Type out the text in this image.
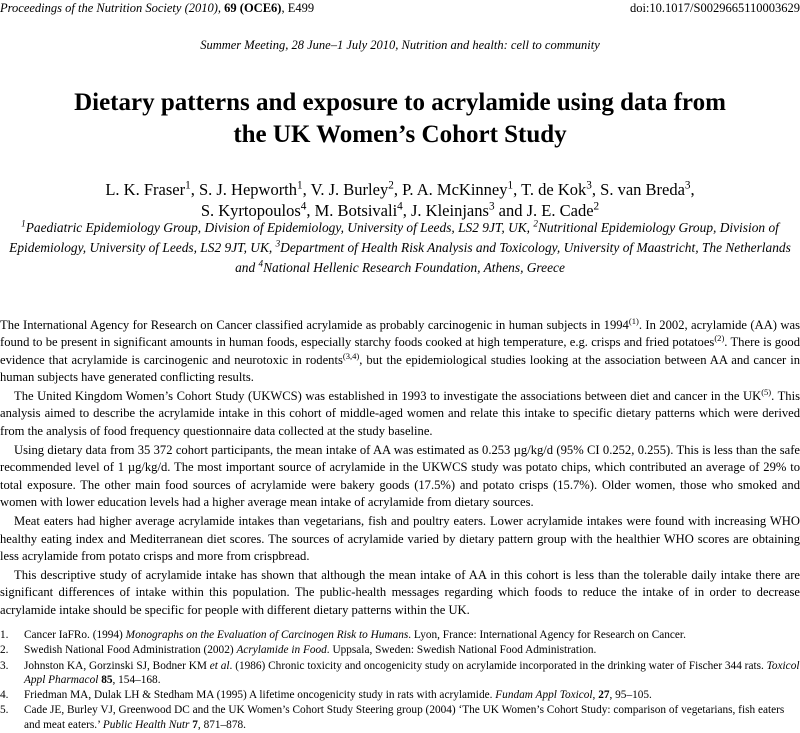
Proceedings of the Nutrition Society (2010), 69 (OCE6), E499	doi:10.1017/S0029665110003629
Summer Meeting, 28 June–1 July 2010, Nutrition and health: cell to community
Dietary patterns and exposure to acrylamide using data from
the UK Women’s Cohort Study
L. K. Fraser$^1$, S. J. Hepworth$^1$, V. J. Burley$^2$, P. A. McKinney$^1$, T. de Kok$^3$, S. van Breda$^3$,
S. Kyrtopoulos$^4$, M. Botsivali$^4$, J. Kleinjans$^3$ and J. E. Cade$^2$
$^1$Paediatric Epidemiology Group, Division of Epidemiology, University of Leeds, LS2 9JT, UK, $^2$Nutritional Epidemiology Group, Division of Epidemiology, University of Leeds, LS2 9JT, UK, $^3$Department of Health Risk Analysis and Toxicology, University of Maastricht, The Netherlands and $^4$National Hellenic Research Foundation, Athens, Greece

The International Agency for Research on Cancer classified acrylamide as probably carcinogenic in human subjects in 1994$^{(1)}$. In 2002, acrylamide (AA) was found to be present in significant amounts in human foods, especially starchy foods cooked at high temperature, e.g. crisps and fried potatoes$^{(2)}$. There is good evidence that acrylamide is carcinogenic and neurotoxic in rodents$^{(3,4)}$, but the epidemiological studies looking at the association between AA and cancer in human subjects have generated conflicting results.

The United Kingdom Women’s Cohort Study (UKWCS) was established in 1993 to investigate the associations between diet and cancer in the UK$^{(5)}$. This analysis aimed to describe the acrylamide intake in this cohort of middle-aged women and relate this intake to specific dietary patterns which were derived from the analysis of food frequency questionnaire data collected at the study baseline.

Using dietary data from 35 372 cohort participants, the mean intake of AA was estimated as 0.253 µg/kg/d (95% CI 0.252, 0.255). This is less than the safe recommended level of 1 µg/kg/d. The most important source of acrylamide in the UKWCS study was potato chips, which contributed an average of 29% to total exposure. The other main food sources of acrylamide were bakery goods (17.5%) and potato crisps (15.7%). Older women, those who smoked and women with lower education levels had a higher average mean intake of acrylamide from dietary sources.

Meat eaters had higher average acrylamide intakes than vegetarians, fish and poultry eaters. Lower acrylamide intakes were found with increasing WHO healthy eating index and Mediterranean diet scores. The sources of acrylamide varied by dietary pattern group with the healthier WHO scores are obtaining less acrylamide from potato crisps and more from crispbread.

This descriptive study of acrylamide intake has shown that although the mean intake of AA in this cohort is less than the tolerable daily intake there are significant differences of intake within this population. The public-health messages regarding which foods to reduce the intake of in order to decrease acrylamide intake should be specific for people with different dietary patterns within the UK.

1. Cancer IaFRo. (1994) Monographs on the Evaluation of Carcinogen Risk to Humans. Lyon, France: International Agency for Research on Cancer.
2. Swedish National Food Administration (2002) Acrylamide in Food. Uppsala, Sweden: Swedish National Food Administration.
3. Johnston KA, Gorzinski SJ, Bodner KM et al. (1986) Chronic toxicity and oncogenicity study on acrylamide incorporated in the drinking water of Fischer 344 rats. Toxicol Appl Pharmacol 85, 154–168.
4. Friedman MA, Dulak LH & Stedham MA (1995) A lifetime oncogenicity study in rats with acrylamide. Fundam Appl Toxicol, 27, 95–105.
5. Cade JE, Burley VJ, Greenwood DC and the UK Women’s Cohort Study Steering group (2004) ‘The UK Women’s Cohort Study: comparison of vegetarians, fish eaters and meat eaters.’ Public Health Nutr 7, 871–878.
